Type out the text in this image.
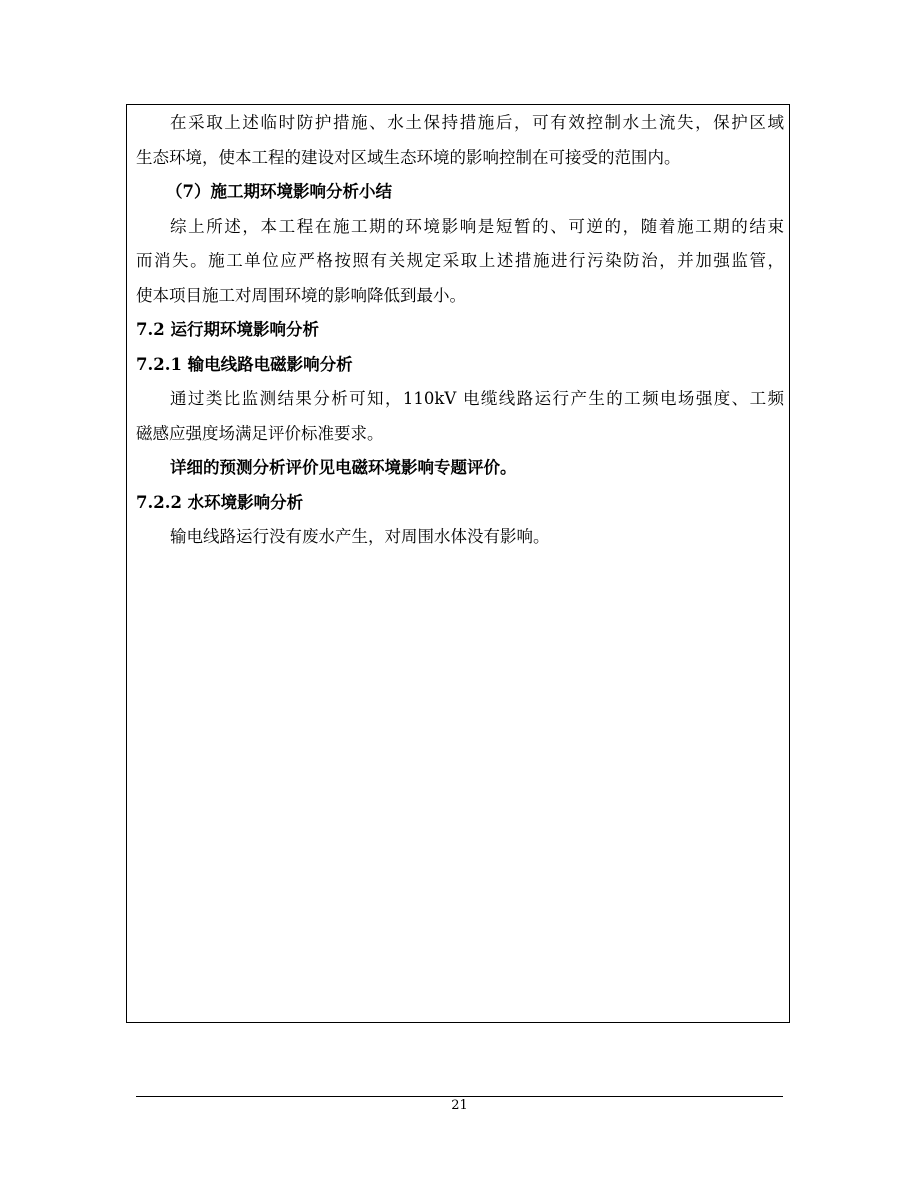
在采取上述临时防护措施、水土保持措施后，可有效控制水土流失，保护区域
生态环境，使本工程的建设对区域生态环境的影响控制在可接受的范围内。
（7）施工期环境影响分析小结
综上所述，本工程在施工期的环境影响是短暂的、可逆的，随着施工期的结束
而消失。施工单位应严格按照有关规定采取上述措施进行污染防治，并加强监管，
使本项目施工对周围环境的影响降低到最小。
7.2 运行期环境影响分析
7.2.1 输电线路电磁影响分析
通过类比监测结果分析可知，110kV 电缆线路运行产生的工频电场强度、工频
磁感应强度场满足评价标准要求。
详细的预测分析评价见电磁环境影响专题评价。
7.2.2 水环境影响分析
输电线路运行没有废水产生，对周围水体没有影响。
21
